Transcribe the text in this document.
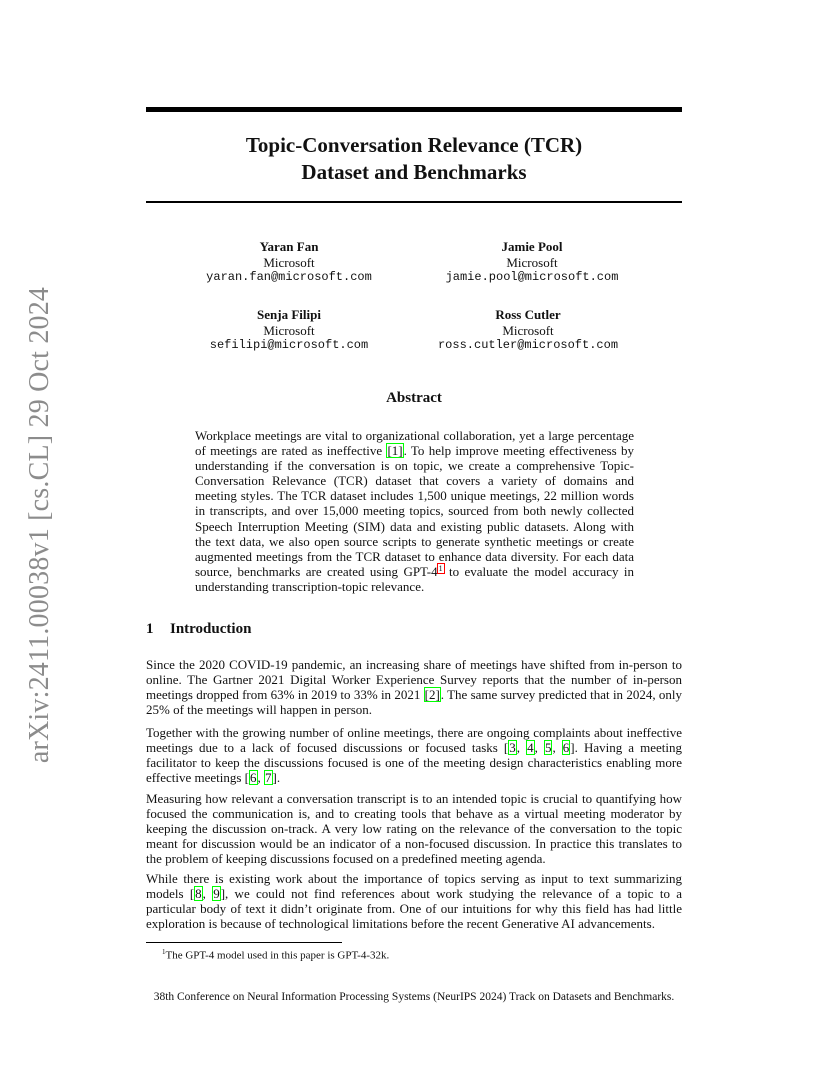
arXiv:2411.00038v1 [cs.CL] 29 Oct 2024
Topic-Conversation Relevance (TCR)
Dataset and Benchmarks
Yaran Fan
Microsoft
yaran.fan@microsoft.com
Jamie Pool
Microsoft
jamie.pool@microsoft.com
Senja Filipi
Microsoft
sefilipi@microsoft.com
Ross Cutler
Microsoft
ross.cutler@microsoft.com
Abstract

Workplace meetings are vital to organizational collaboration, yet a large percentage of meetings are rated as ineffective [1]. To help improve meeting effectiveness by understanding if the conversation is on topic, we create a comprehensive Topic-Conversation Relevance (TCR) dataset that covers a variety of domains and meeting styles. The TCR dataset includes 1,500 unique meetings, 22 million words in transcripts, and over 15,000 meeting topics, sourced from both newly collected Speech Interruption Meeting (SIM) data and existing public datasets. Along with the text data, we also open source scripts to generate synthetic meetings or create augmented meetings from the TCR dataset to enhance data diversity. For each data source, benchmarks are created using GPT-4$^1$ to evaluate the model accuracy in understanding transcription-topic relevance.

1 Introduction

Since the 2020 COVID-19 pandemic, an increasing share of meetings have shifted from in-person to online. The Gartner 2021 Digital Worker Experience Survey reports that the number of in-person meetings dropped from 63% in 2019 to 33% in 2021 [2]. The same survey predicted that in 2024, only 25% of the meetings will happen in person.

Together with the growing number of online meetings, there are ongoing complaints about ineffective meetings due to a lack of focused discussions or focused tasks [3, 4, 5, 6]. Having a meeting facilitator to keep the discussions focused is one of the meeting design characteristics enabling more effective meetings [6, 7].

Measuring how relevant a conversation transcript is to an intended topic is crucial to quantifying how focused the communication is, and to creating tools that behave as a virtual meeting moderator by keeping the discussion on-track. A very low rating on the relevance of the conversation to the topic meant for discussion would be an indicator of a non-focused discussion. In practice this translates to the problem of keeping discussions focused on a predefined meeting agenda.

While there is existing work about the importance of topics serving as input to text summarizing models [8, 9], we could not find references about work studying the relevance of a topic to a particular body of text it didn’t originate from. One of our intuitions for why this field has had little exploration is because of technological limitations before the recent Generative AI advancements.

$^1$The GPT-4 model used in this paper is GPT-4-32k.

38th Conference on Neural Information Processing Systems (NeurIPS 2024) Track on Datasets and Benchmarks.
